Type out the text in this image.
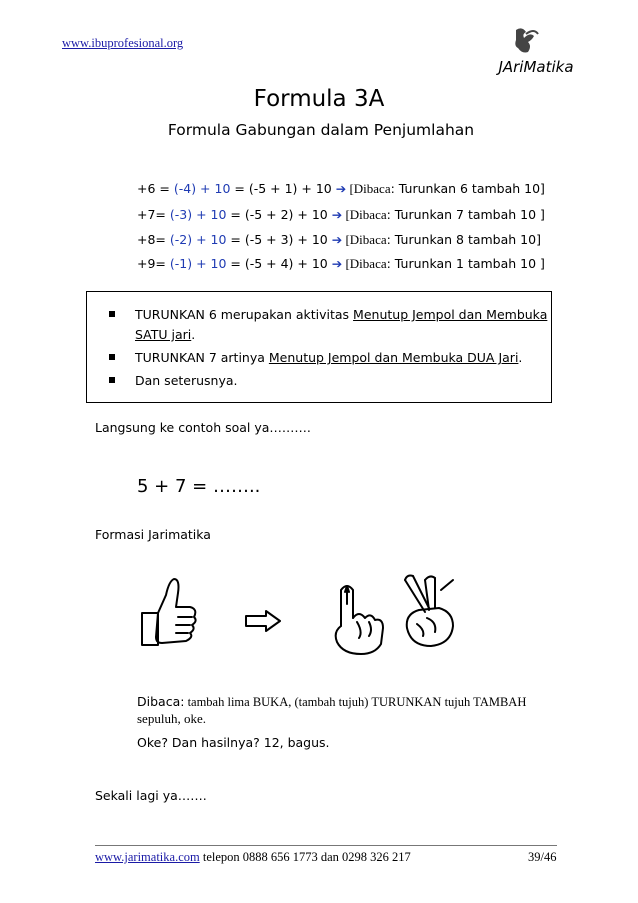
www.ibuprofesional.org
JAriMatika
Formula 3A
Formula Gabungan dalam Penjumlahan
+6 = (-4) + 10 = (-5 + 1) + 10 ➔ [Dibaca: Turunkan 6 tambah 10]
+7= (-3) + 10 = (-5 + 2) + 10 ➔ [Dibaca: Turunkan 7 tambah 10 ]
+8= (-2) + 10 = (-5 + 3) + 10 ➔ [Dibaca: Turunkan 8 tambah 10]
+9= (-1) + 10 = (-5 + 4) + 10 ➔ [Dibaca: Turunkan 1 tambah 10 ]
TURUNKAN 6 merupakan aktivitas Menutup Jempol dan Membuka
SATU jari.
TURUNKAN 7 artinya Menutup Jempol dan Membuka DUA Jari.
Dan seterusnya.
Langsung ke contoh soal ya……….
5 + 7 = ……..
Formasi Jarimatika
Dibaca: tambah lima BUKA, (tambah tujuh) TURUNKAN tujuh TAMBAH
sepuluh, oke.
Oke? Dan hasilnya? 12, bagus.
Sekali lagi ya…….
www.jarimatika.com telepon 0888 656 1773 dan 0298 326 217	39/46
